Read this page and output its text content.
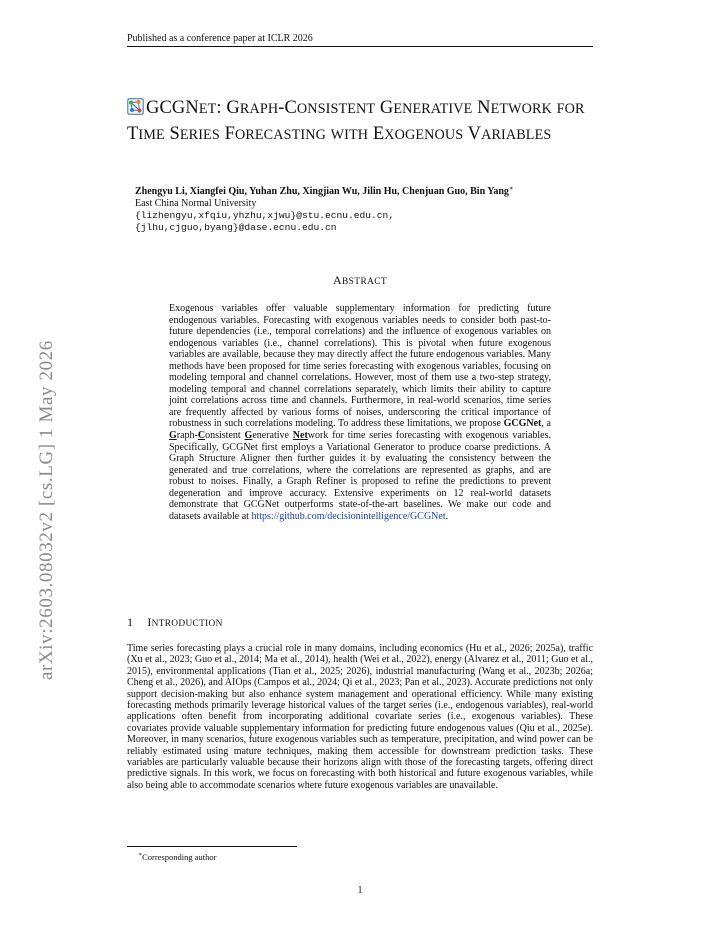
Published as a conference paper at ICLR 2026
arXiv:2603.08032v2 [cs.LG] 1 May 2026
GCGNET: GRAPH-CONSISTENT GENERATIVE NETWORK FOR TIME SERIES FORECASTING WITH EXOGENOUS VARIABLES
Zhengyu Li, Xiangfei Qiu, Yuhan Zhu, Xingjian Wu, Jilin Hu, Chenjuan Guo, Bin Yang∗
East China Normal University
{lizhengyu,xfqiu,yhzhu,xjwu}@stu.ecnu.edu.cn,
{jlhu,cjguo,byang}@dase.ecnu.edu.cn
ABSTRACT
Exogenous variables offer valuable supplementary information for predicting future endogenous variables. Forecasting with exogenous variables needs to consider both past-to-future dependencies (i.e., temporal correlations) and the influence of exogenous variables on endogenous variables (i.e., channel correlations). This is pivotal when future exogenous variables are available, because they may directly affect the future endogenous variables. Many methods have been proposed for time series forecasting with exogenous variables, focusing on modeling temporal and channel correlations. However, most of them use a two-step strategy, modeling temporal and channel correlations separately, which limits their ability to capture joint correlations across time and channels. Furthermore, in real-world scenarios, time series are frequently affected by various forms of noises, underscoring the critical importance of robustness in such correlations modeling. To address these limitations, we propose GCGNet, a Graph-Consistent Generative Network for time series forecasting with exogenous variables. Specifically, GCGNet first employs a Variational Generator to produce coarse predictions. A Graph Structure Aligner then further guides it by evaluating the consistency between the generated and true correlations, where the correlations are represented as graphs, and are robust to noises. Finally, a Graph Refiner is proposed to refine the predictions to prevent degeneration and improve accuracy. Extensive experiments on 12 real-world datasets demonstrate that GCGNet outperforms state-of-the-art baselines. We make our code and datasets available at https://github.com/decisionintelligence/GCGNet.
1 INTRODUCTION
Time series forecasting plays a crucial role in many domains, including economics (Hu et al., 2026; 2025a), traffic (Xu et al., 2023; Guo et al., 2014; Ma et al., 2014), health (Wei et al., 2022), energy (Alvarez et al., 2011; Guo et al., 2015), environmental applications (Tian et al., 2025; 2026), industrial manufacturing (Wang et al., 2023b; 2026a; Cheng et al., 2026), and AIOps (Campos et al., 2024; Qi et al., 2023; Pan et al., 2023). Accurate predictions not only support decision-making but also enhance system management and operational efficiency. While many existing forecasting methods primarily leverage historical values of the target series (i.e., endogenous variables), real-world applications often benefit from incorporating additional covariate series (i.e., exogenous variables). These covariates provide valuable supplementary information for predicting future endogenous values (Qiu et al., 2025e). Moreover, in many scenarios, future exogenous variables such as temperature, precipitation, and wind power can be reliably estimated using mature techniques, making them accessible for downstream prediction tasks. These variables are particularly valuable because their horizons align with those of the forecasting targets, offering direct predictive signals. In this work, we focus on forecasting with both historical and future exogenous variables, while also being able to accommodate scenarios where future exogenous variables are unavailable.
∗Corresponding author
1
